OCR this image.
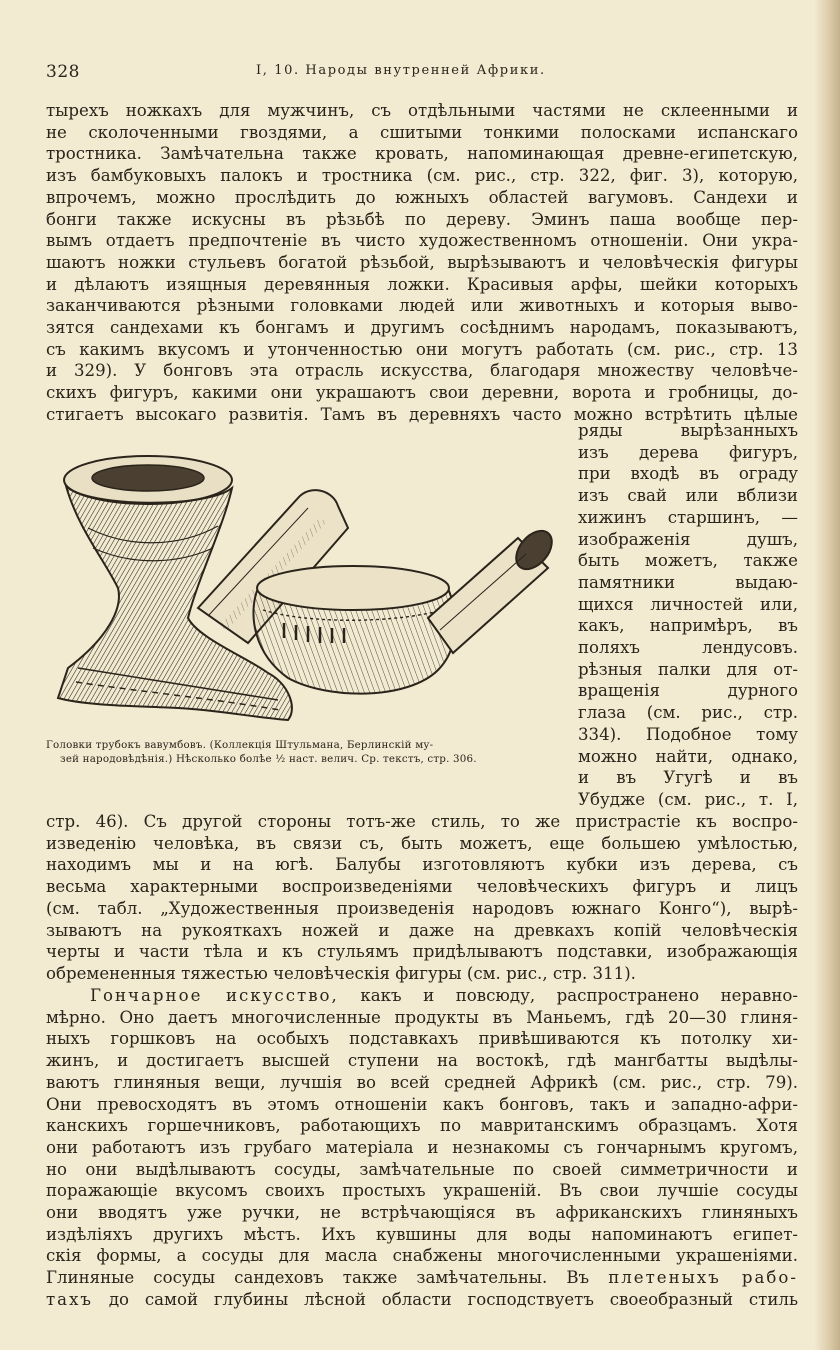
328	I, 10. Народы внутренней Африки.
тырехъ ножкахъ для мужчинъ, съ отдѣльными частями не склеенными и
не сколоченными гвоздями, а сшитыми тонкими полосками испанскаго
тростника. Замѣчательна также кровать, напоминающая древне-египетскую,
изъ бамбуковыхъ палокъ и тростника (см. рис., стр. 322, фиг. 3), которую,
впрочемъ, можно прослѣдить до южныхъ областей вагумовъ. Сандехи и
бонги также искусны въ рѣзьбѣ по дереву. Эминъ паша вообще пер-
вымъ отдаетъ предпочтеніе въ чисто художественномъ отношеніи. Они укра-
шаютъ ножки стульевъ богатой рѣзьбой, вырѣзываютъ и человѣческія фигуры
и дѣлаютъ изящныя деревянныя ложки. Красивыя арфы, шейки которыхъ
заканчиваются рѣзными головками людей или животныхъ и которыя выво-
зятся сандехами къ бонгамъ и другимъ сосѣднимъ народамъ, показываютъ,
съ какимъ вкусомъ и утонченностью они могутъ работать (см. рис., стр. 13
и 329). У бонговъ эта отрасль искусства, благодаря множеству человѣче-
скихъ фигуръ, какими они украшаютъ свои деревни, ворота и гробницы, до-
стигаетъ высокаго развитія. Тамъ въ деревняхъ часто можно встрѣтить цѣлые
Головки трубокъ вавумбовъ. (Коллекція Штульмана, Берлинскій му-
зей народовѣдѣнія.) Нѣсколько болѣе ½ наст. велич. Ср. текстъ, стр. 306.
ряды вырѣзанныхъ
изъ дерева фигуръ,
при входѣ въ ограду
изъ свай или вблизи
хижинъ старшинъ, —
изображенія душъ,
быть можетъ, также
памятники выдаю-
щихся личностей или,
какъ, напримѣръ, въ
поляхъ лендусовъ.
рѣзныя палки для от-
вращенія дурного
глаза (см. рис., стр.
334). Подобное тому
можно найти, однако,
и въ Угугѣ и въ
Убудже (см. рис., т. I,
стр. 46). Съ другой стороны тотъ-же стиль, то же пристрастіе къ воспро-
изведенію человѣка, въ связи съ, быть можетъ, еще большею умѣлостью,
находимъ мы и на югѣ. Балубы изготовляютъ кубки изъ дерева, съ
весьма характерными воспроизведеніями человѣческихъ фигуръ и лицъ
(см. табл. „Художественныя произведенія народовъ южнаго Конго“), вырѣ-
зываютъ на рукояткахъ ножей и даже на древкахъ копій человѣческія
черты и части тѣла и къ стульямъ придѣлываютъ подставки, изображающія
обремененныя тяжестью человѣческія фигуры (см. рис., стр. 311).
Гончарное искусство, какъ и повсюду, распространено неравно-
мѣрно. Оно даетъ многочисленные продукты въ Маньемъ, гдѣ 20—30 глиня-
ныхъ горшковъ на особыхъ подставкахъ привѣшиваются къ потолку хи-
жинъ, и достигаетъ высшей ступени на востокѣ, гдѣ мангбатты выдѣлы-
ваютъ глиняныя вещи, лучшія во всей средней Африкѣ (см. рис., стр. 79).
Они превосходятъ въ этомъ отношеніи какъ бонговъ, такъ и западно-афри-
канскихъ горшечниковъ, работающихъ по мавританскимъ образцамъ. Хотя
они работаютъ изъ грубаго матеріала и незнакомы съ гончарнымъ кругомъ,
но они выдѣлываютъ сосуды, замѣчательные по своей симметричности и
поражающіе вкусомъ своихъ простыхъ украшеній. Въ свои лучшіе сосуды
они вводятъ уже ручки, не встрѣчающіяся въ африканскихъ глиняныхъ
издѣліяхъ другихъ мѣстъ. Ихъ кувшины для воды напоминаютъ египет-
скія формы, а сосуды для масла снабжены многочисленными украшеніями.
Глиняные сосуды сандеховъ также замѣчательны. Въ плетеныхъ рабо-
тахъ до самой глубины лѣсной области господствуетъ своеобразный стиль
